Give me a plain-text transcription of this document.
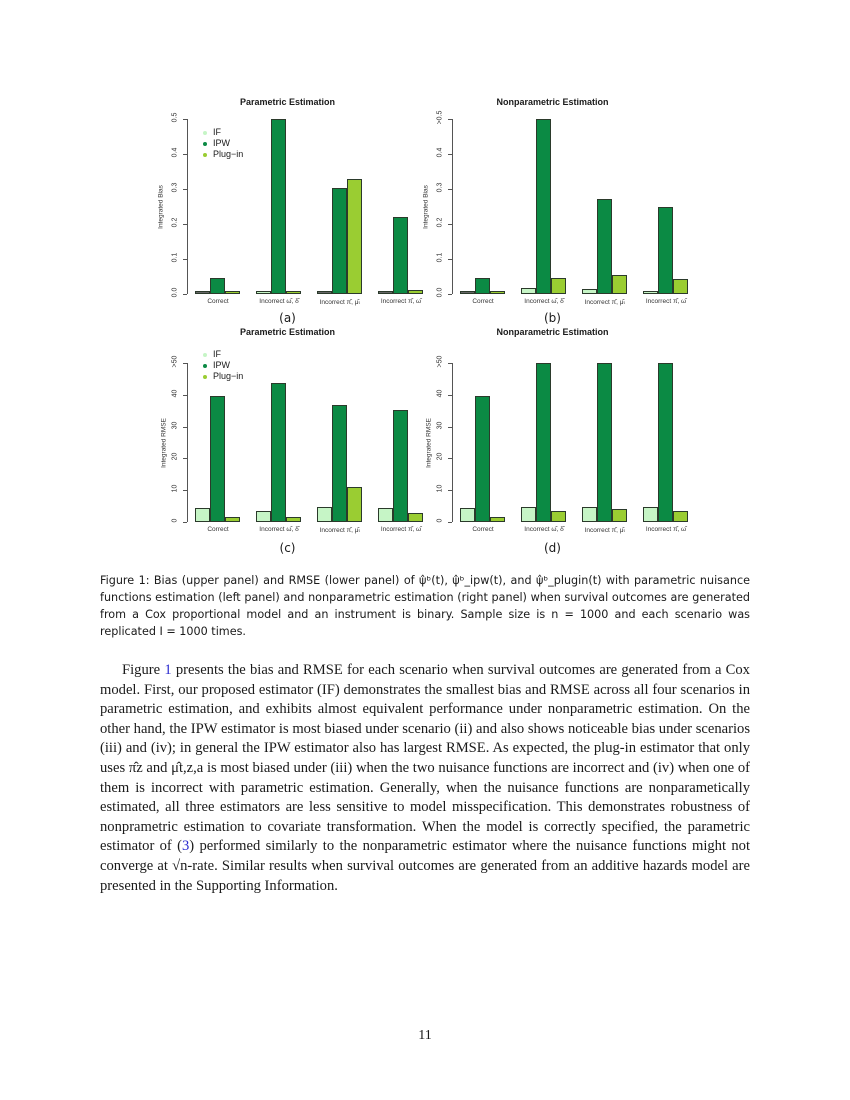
Parametric Estimation
0.0
0.1
0.2
0.3
0.4
0.5
Integrated Bias
Correct	Incorrect ω̂, δ̂	Incorrect π̂, μ̂ₜ	Incorrect π̂, ω̂
IF
IPW
Plug−in
(a)
Nonparametric Estimation
0.0
0.1
0.2
0.3
0.4
>0.5
Integrated Bias
Correct	Incorrect ω̂, δ̂	Incorrect π̂, μ̂ₜ	Incorrect π̂, ω̂
(b)
Parametric Estimation
0
10
20
30
40
>50
Integrated RMSE
Correct	Incorrect ω̂, δ̂	Incorrect π̂, μ̂ₜ	Incorrect π̂, ω̂
IF
IPW
Plug−in
(c)
Nonparametric Estimation
0
10
20
30
40
>50
Integrated RMSE
Correct	Incorrect ω̂, δ̂	Incorrect π̂, μ̂ₜ	Incorrect π̂, ω̂
(d)
Figure 1: Bias (upper panel) and RMSE (lower panel) of ψ̂ᵇ(t), ψ̂ᵇ_ipw(t), and ψ̂ᵇ_plugin(t) with parametric nuisance functions estimation (left panel) and nonparametric estimation (right panel) when survival outcomes are generated from a Cox proportional model and an instrument is binary. Sample size is n = 1000 and each scenario was replicated I = 1000 times.
Figure 1 presents the bias and RMSE for each scenario when survival outcomes are generated from a Cox model. First, our proposed estimator (IF) demonstrates the smallest bias and RMSE across all four scenarios in parametric estimation, and exhibits almost equivalent performance under nonparametric estimation. On the other hand, the IPW estimator is most biased under scenario (ii) and also shows noticeable bias under scenarios (iii) and (iv); in general the IPW estimator also has largest RMSE. As expected, the plug-in estimator that only uses π̂z and μ̂t,z,a is most biased under (iii) when the two nuisance functions are incorrect and (iv) when one of them is incorrect with parametric estimation. Generally, when the nuisance functions are nonparametically estimated, all three estimators are less sensitive to model misspecification. This demonstrates robustness of nonprametric estimation to covariate transformation. When the model is correctly specified, the parametric estimator of (3) performed similarly to the nonparametric estimator where the nuisance functions might not converge at √n-rate. Similar results when survival outcomes are generated from an additive hazards model are presented in the Supporting Information.
11
